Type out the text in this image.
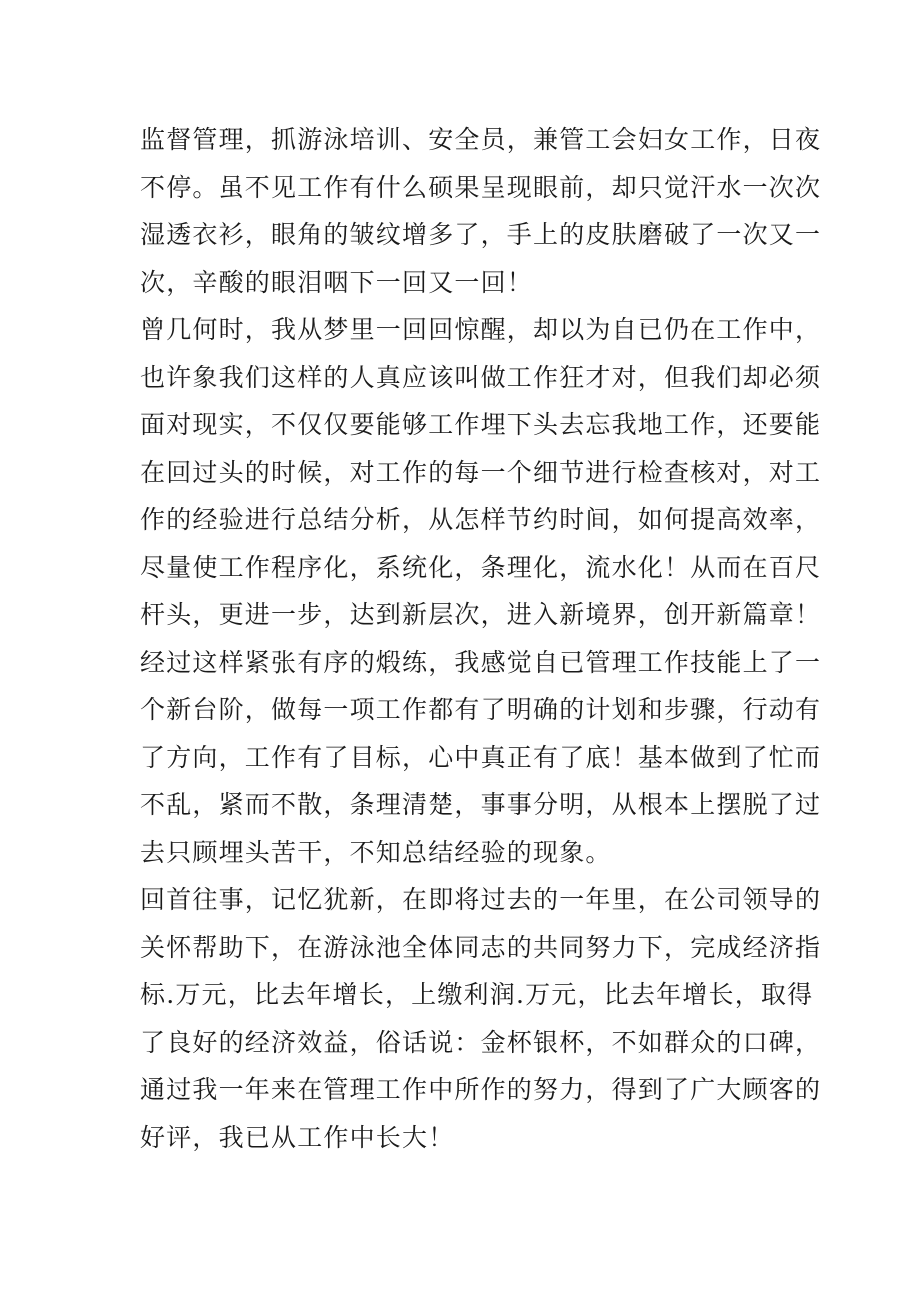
监督管理，抓游泳培训、安全员，兼管工会妇女工作，日夜
不停。虽不见工作有什么硕果呈现眼前，却只觉汗水一次次
湿透衣衫，眼角的皱纹增多了，手上的皮肤磨破了一次又一
次，辛酸的眼泪咽下一回又一回！
曾几何时，我从梦里一回回惊醒，却以为自已仍在工作中，
也许象我们这样的人真应该叫做工作狂才对，但我们却必须
面对现实，不仅仅要能够工作埋下头去忘我地工作，还要能
在回过头的时候，对工作的每一个细节进行检查核对，对工
作的经验进行总结分析，从怎样节约时间，如何提高效率，
尽量使工作程序化，系统化，条理化，流水化！从而在百尺
杆头，更进一步，达到新层次，进入新境界，创开新篇章！
经过这样紧张有序的煅练，我感觉自已管理工作技能上了一
个新台阶，做每一项工作都有了明确的计划和步骤，行动有
了方向，工作有了目标，心中真正有了底！基本做到了忙而
不乱，紧而不散，条理清楚，事事分明，从根本上摆脱了过
去只顾埋头苦干，不知总结经验的现象。
回首往事，记忆犹新，在即将过去的一年里，在公司领导的
关怀帮助下，在游泳池全体同志的共同努力下，完成经济指
标.万元，比去年增长，上缴利润.万元，比去年增长，取得
了良好的经济效益，俗话说：金杯银杯，不如群众的口碑，
通过我一年来在管理工作中所作的努力，得到了广大顾客的
好评，我已从工作中长大！
